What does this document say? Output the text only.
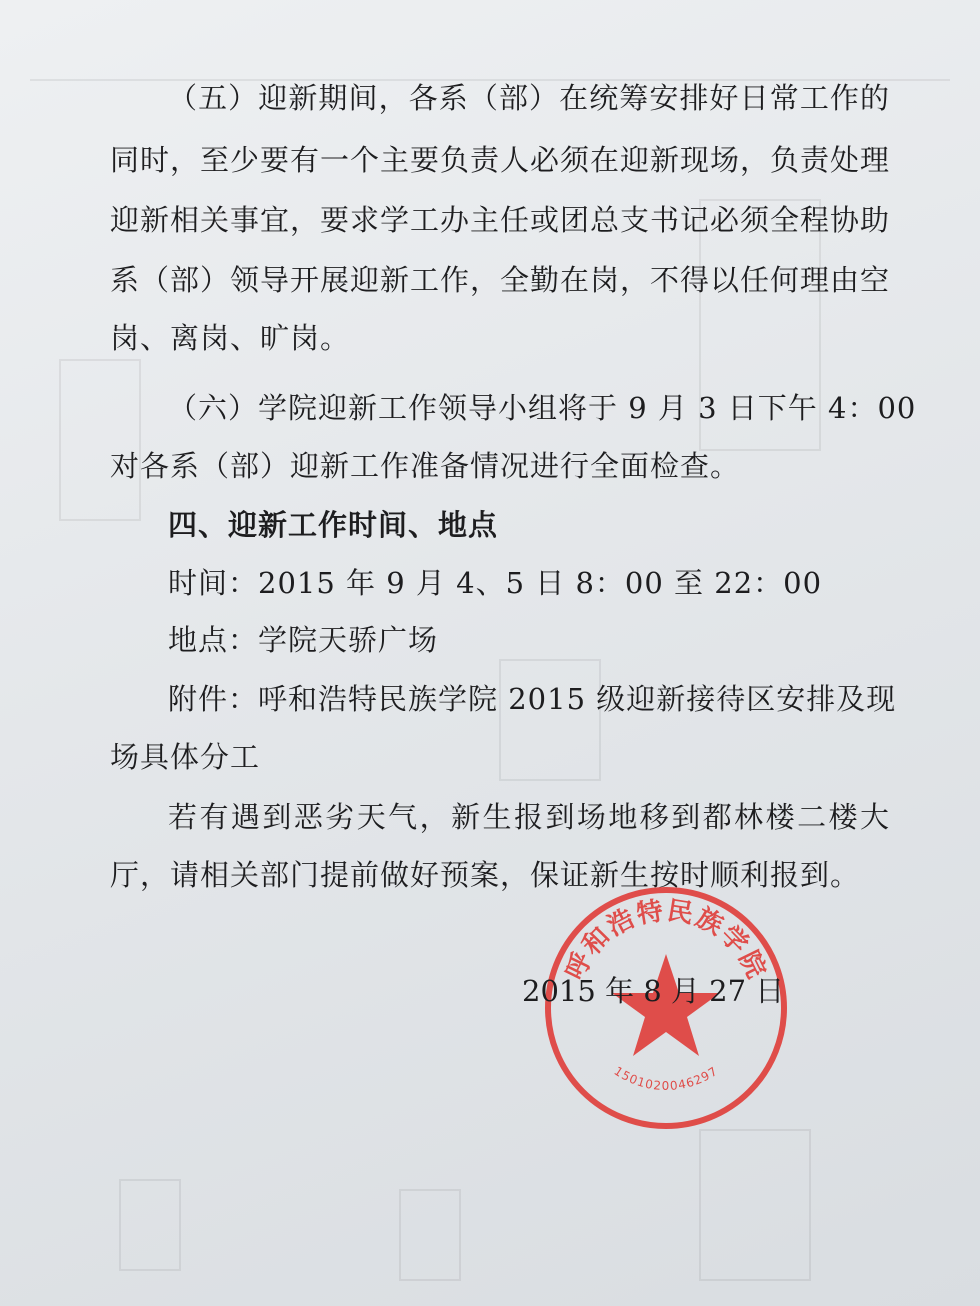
（五）迎新期间，各系（部）在统筹安排好日常工作的
同时，至少要有一个主要负责人必须在迎新现场，负责处理
迎新相关事宜，要求学工办主任或团总支书记必须全程协助
系（部）领导开展迎新工作，全勤在岗，不得以任何理由空
岗、离岗、旷岗。
（六）学院迎新工作领导小组将于 9 月 3 日下午 4：00
对各系（部）迎新工作准备情况进行全面检查。
四、迎新工作时间、地点
时间：2015 年 9 月 4、5 日 8：00 至 22：00
地点：学院天骄广场
附件：呼和浩特民族学院 2015 级迎新接待区安排及现
场具体分工
若有遇到恶劣天气，新生报到场地移到都林楼二楼大
厅，请相关部门提前做好预案，保证新生按时顺利报到。
呼和浩特民族学院
1501020046297
2015 年 8 月 27 日
